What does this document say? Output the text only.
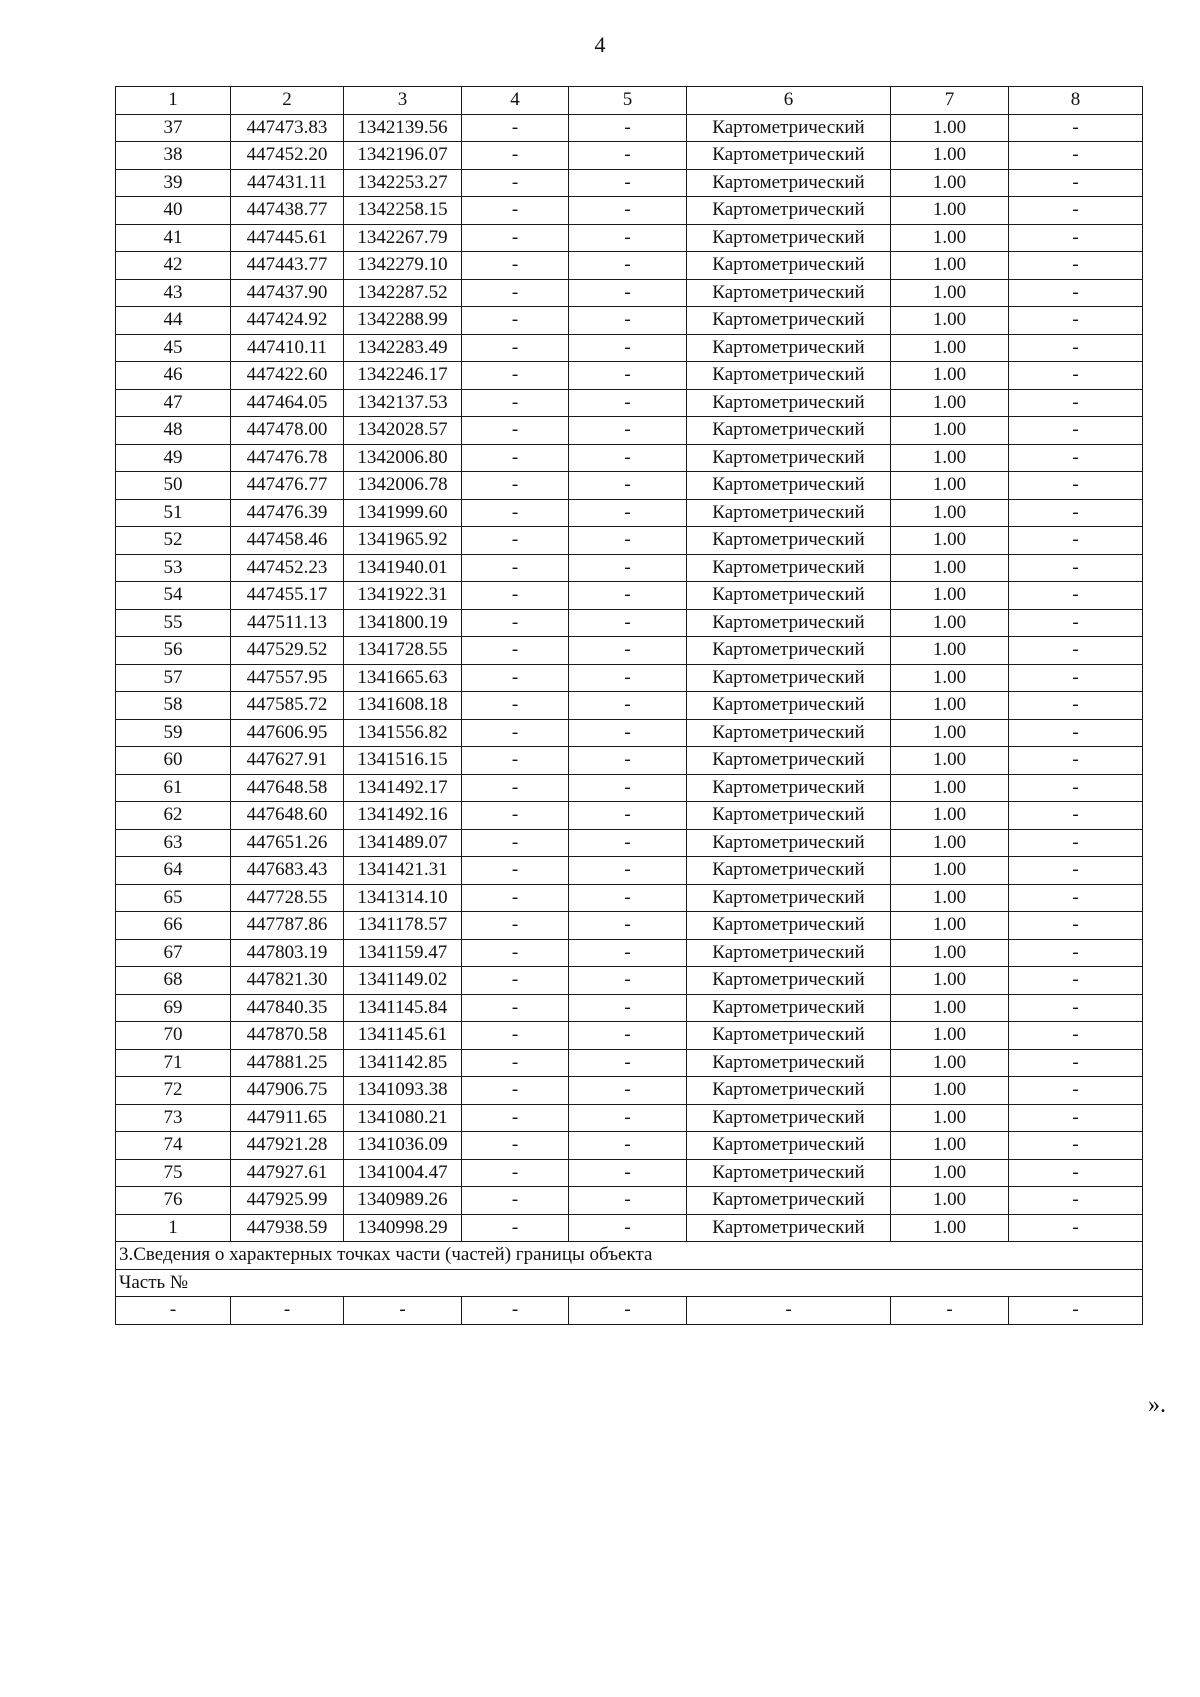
4
1	2	3	4	5	6	7	8
37	447473.83	1342139.56	-	-	Картометрический	1.00	-
38	447452.20	1342196.07	-	-	Картометрический	1.00	-
39	447431.11	1342253.27	-	-	Картометрический	1.00	-
40	447438.77	1342258.15	-	-	Картометрический	1.00	-
41	447445.61	1342267.79	-	-	Картометрический	1.00	-
42	447443.77	1342279.10	-	-	Картометрический	1.00	-
43	447437.90	1342287.52	-	-	Картометрический	1.00	-
44	447424.92	1342288.99	-	-	Картометрический	1.00	-
45	447410.11	1342283.49	-	-	Картометрический	1.00	-
46	447422.60	1342246.17	-	-	Картометрический	1.00	-
47	447464.05	1342137.53	-	-	Картометрический	1.00	-
48	447478.00	1342028.57	-	-	Картометрический	1.00	-
49	447476.78	1342006.80	-	-	Картометрический	1.00	-
50	447476.77	1342006.78	-	-	Картометрический	1.00	-
51	447476.39	1341999.60	-	-	Картометрический	1.00	-
52	447458.46	1341965.92	-	-	Картометрический	1.00	-
53	447452.23	1341940.01	-	-	Картометрический	1.00	-
54	447455.17	1341922.31	-	-	Картометрический	1.00	-
55	447511.13	1341800.19	-	-	Картометрический	1.00	-
56	447529.52	1341728.55	-	-	Картометрический	1.00	-
57	447557.95	1341665.63	-	-	Картометрический	1.00	-
58	447585.72	1341608.18	-	-	Картометрический	1.00	-
59	447606.95	1341556.82	-	-	Картометрический	1.00	-
60	447627.91	1341516.15	-	-	Картометрический	1.00	-
61	447648.58	1341492.17	-	-	Картометрический	1.00	-
62	447648.60	1341492.16	-	-	Картометрический	1.00	-
63	447651.26	1341489.07	-	-	Картометрический	1.00	-
64	447683.43	1341421.31	-	-	Картометрический	1.00	-
65	447728.55	1341314.10	-	-	Картометрический	1.00	-
66	447787.86	1341178.57	-	-	Картометрический	1.00	-
67	447803.19	1341159.47	-	-	Картометрический	1.00	-
68	447821.30	1341149.02	-	-	Картометрический	1.00	-
69	447840.35	1341145.84	-	-	Картометрический	1.00	-
70	447870.58	1341145.61	-	-	Картометрический	1.00	-
71	447881.25	1341142.85	-	-	Картометрический	1.00	-
72	447906.75	1341093.38	-	-	Картометрический	1.00	-
73	447911.65	1341080.21	-	-	Картометрический	1.00	-
74	447921.28	1341036.09	-	-	Картометрический	1.00	-
75	447927.61	1341004.47	-	-	Картометрический	1.00	-
76	447925.99	1340989.26	-	-	Картометрический	1.00	-
1	447938.59	1340998.29	-	-	Картометрический	1.00	-
3.Сведения о характерных точках части (частей) границы объекта							
Часть №							
-	-	-	-	-	-	-	-
».
